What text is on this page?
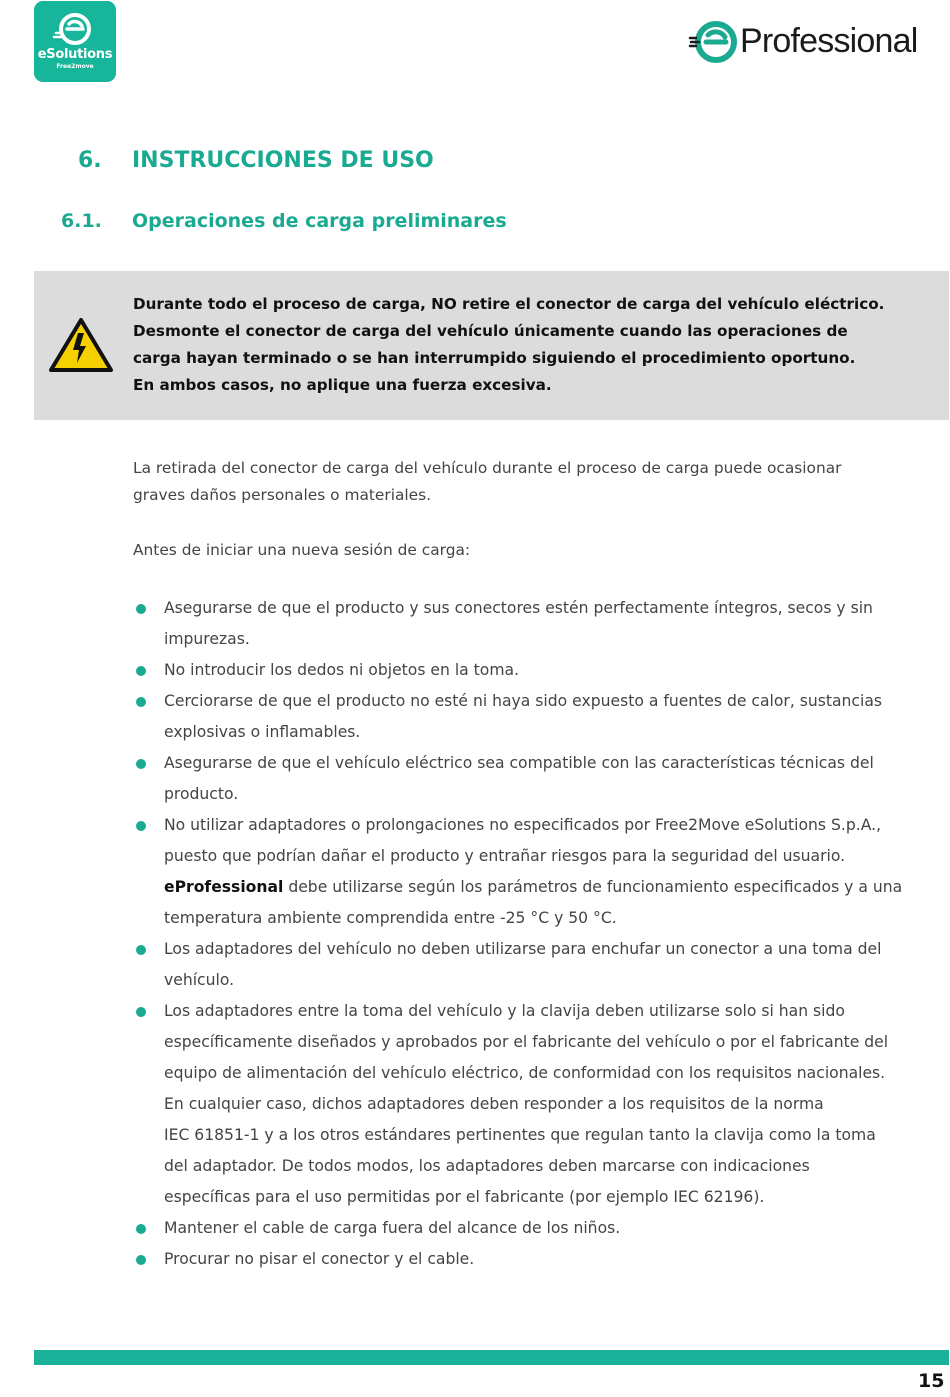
eSolutions
Free2move
Professional
6. INSTRUCCIONES DE USO
6.1. Operaciones de carga preliminares

Durante todo el proceso de carga, NO retire el conector de carga del vehículo eléctrico.

Desmonte el conector de carga del vehículo únicamente cuando las operaciones de

carga hayan terminado o se han interrumpido siguiendo el procedimiento oportuno.

En ambos casos, no aplique una fuerza excesiva.

La retirada del conector de carga del vehículo durante el proceso de carga puede ocasionar
graves daños personales o materiales.
Antes de iniciar una nueva sesión de carga:
Asegurarse de que el producto y sus conectores estén perfectamente íntegros, secos y sin
impurezas.
No introducir los dedos ni objetos en la toma.
Cerciorarse de que el producto no esté ni haya sido expuesto a fuentes de calor, sustancias
explosivas o inflamables.
Asegurarse de que el vehículo eléctrico sea compatible con las características técnicas del
producto.
No utilizar adaptadores o prolongaciones no especificados por Free2Move eSolutions S.p.A.,
puesto que podrían dañar el producto y entrañar riesgos para la seguridad del usuario.
eProfessional debe utilizarse según los parámetros de funcionamiento especificados y a una
temperatura ambiente comprendida entre -25 °C y 50 °C.
Los adaptadores del vehículo no deben utilizarse para enchufar un conector a una toma del
vehículo.
Los adaptadores entre la toma del vehículo y la clavija deben utilizarse solo si han sido
específicamente diseñados y aprobados por el fabricante del vehículo o por el fabricante del
equipo de alimentación del vehículo eléctrico, de conformidad con los requisitos nacionales.
En cualquier caso, dichos adaptadores deben responder a los requisitos de la norma
IEC 61851-1 y a los otros estándares pertinentes que regulan tanto la clavija como la toma
del adaptador. De todos modos, los adaptadores deben marcarse con indicaciones
específicas para el uso permitidas por el fabricante (por ejemplo IEC 62196).
Mantener el cable de carga fuera del alcance de los niños.
Procurar no pisar el conector y el cable.
15
